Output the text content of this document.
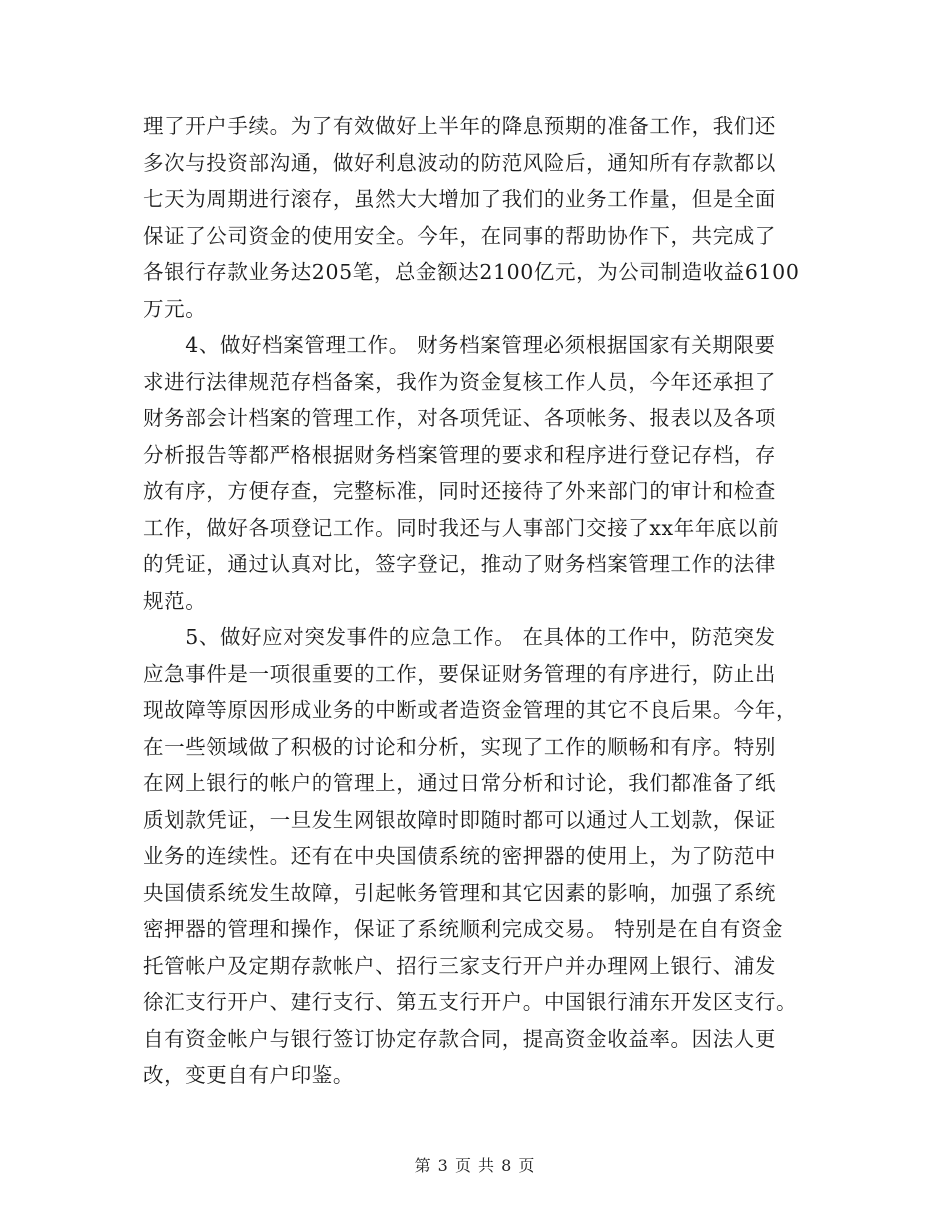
理了开户手续。为了有效做好上半年的降息预期的准备工作，我们还
多次与投资部沟通，做好利息波动的防范风险后，通知所有存款都以
七天为周期进行滚存，虽然大大增加了我们的业务工作量，但是全面
保证了公司资金的使用安全。今年，在同事的帮助协作下，共完成了
各银行存款业务达205笔，总金额达2100亿元，为公司制造收益6100
万元。
　　4、做好档案管理工作。 财务档案管理必须根据国家有关期限要
求进行法律规范存档备案，我作为资金复核工作人员，今年还承担了
财务部会计档案的管理工作，对各项凭证、各项帐务、报表以及各项
分析报告等都严格根据财务档案管理的要求和程序进行登记存档，存
放有序，方便存查，完整标准，同时还接待了外来部门的审计和检查
工作，做好各项登记工作。同时我还与人事部门交接了xx年年底以前
的凭证，通过认真对比，签字登记，推动了财务档案管理工作的法律
规范。
　　5、做好应对突发事件的应急工作。 在具体的工作中，防范突发
应急事件是一项很重要的工作，要保证财务管理的有序进行，防止出
现故障等原因形成业务的中断或者造资金管理的其它不良后果。今年，
在一些领域做了积极的讨论和分析，实现了工作的顺畅和有序。特别
在网上银行的帐户的管理上，通过日常分析和讨论，我们都准备了纸
质划款凭证，一旦发生网银故障时即随时都可以通过人工划款，保证
业务的连续性。还有在中央国债系统的密押器的使用上，为了防范中
央国债系统发生故障，引起帐务管理和其它因素的影响，加强了系统
密押器的管理和操作，保证了系统顺利完成交易。 特别是在自有资金
托管帐户及定期存款帐户、招行三家支行开户并办理网上银行、浦发
徐汇支行开户、建行支行、第五支行开户。中国银行浦东开发区支行。
自有资金帐户与银行签订协定存款合同，提高资金收益率。因法人更
改，变更自有户印鉴。
第 3 页 共 8 页
